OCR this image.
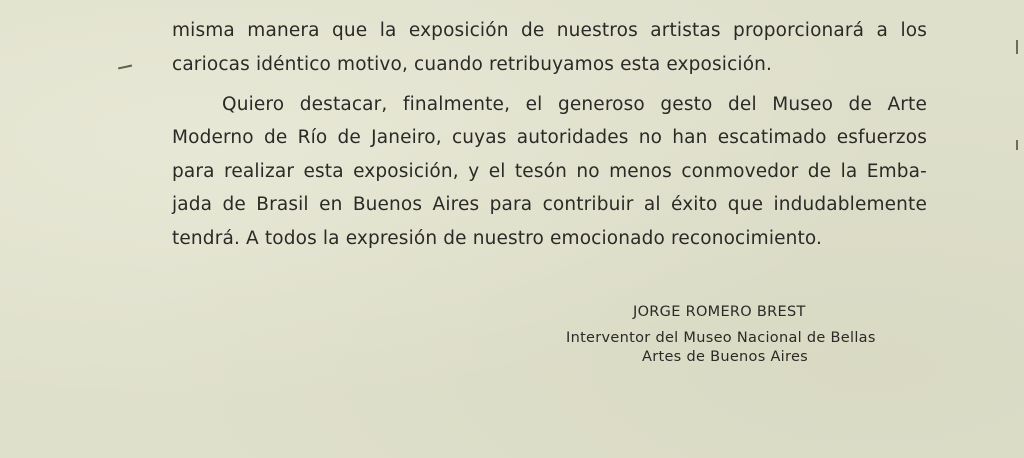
misma manera que la exposición de nuestros artistas proporcionará a los
cariocas idéntico motivo, cuando retribuyamos esta exposición.
Quiero destacar, finalmente, el generoso gesto del Museo de Arte
Moderno de Río de Janeiro, cuyas autoridades no han escatimado esfuerzos
para realizar esta exposición, y el tesón no menos conmovedor de la Emba-
jada de Brasil en Buenos Aires para contribuir al éxito que indudablemente
tendrá. A todos la expresión de nuestro emocionado reconocimiento.
JORGE ROMERO BREST
Interventor del Museo Nacional de Bellas
Artes de Buenos Aires
